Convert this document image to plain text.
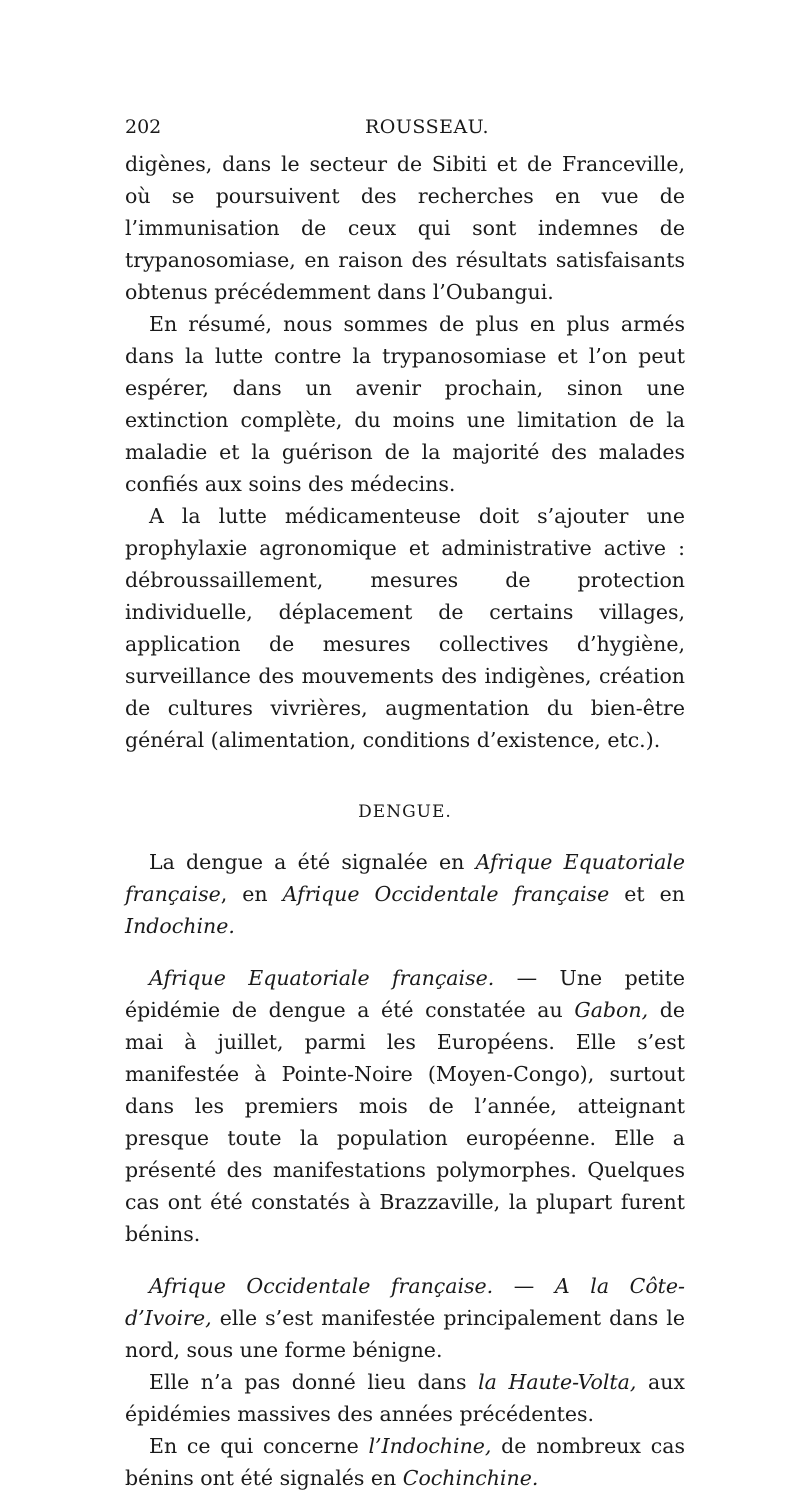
202	ROUSSEAU.

digènes, dans le secteur de Sibiti et de Franceville, où se poursuivent des recherches en vue de l’immunisation de ceux qui sont indemnes de trypanosomiase, en raison des résultats satisfaisants obtenus précédemment dans l’Oubangui.

En résumé, nous sommes de plus en plus armés dans la lutte contre la trypanosomiase et l’on peut espérer, dans un avenir prochain, sinon une extinction complète, du moins une limitation de la maladie et la guérison de la majorité des malades confiés aux soins des médecins.

A la lutte médicamenteuse doit s’ajouter une prophylaxie agronomique et administrative active : débroussaillement, mesures de protection individuelle, déplacement de certains villages, application de mesures collectives d’hygiène, surveillance des mouvements des indigènes, création de cultures vivrières, augmentation du bien-être général (alimentation, conditions d’existence, etc.).

DENGUE.

La dengue a été signalée en Afrique Equatoriale française, en Afrique Occidentale française et en Indochine.

Afrique Equatoriale française. — Une petite épidémie de dengue a été constatée au Gabon, de mai à juillet, parmi les Européens. Elle s’est manifestée à Pointe-Noire (Moyen-Congo), surtout dans les premiers mois de l’année, atteignant presque toute la population européenne. Elle a présenté des manifestations polymorphes. Quelques cas ont été constatés à Brazzaville, la plupart furent bénins.

Afrique Occidentale française. — A la Côte-d’Ivoire, elle s’est manifestée principalement dans le nord, sous une forme bénigne.

Elle n’a pas donné lieu dans la Haute-Volta, aux épidémies massives des années précédentes.

En ce qui concerne l’Indochine, de nombreux cas bénins ont été signalés en Cochinchine.
